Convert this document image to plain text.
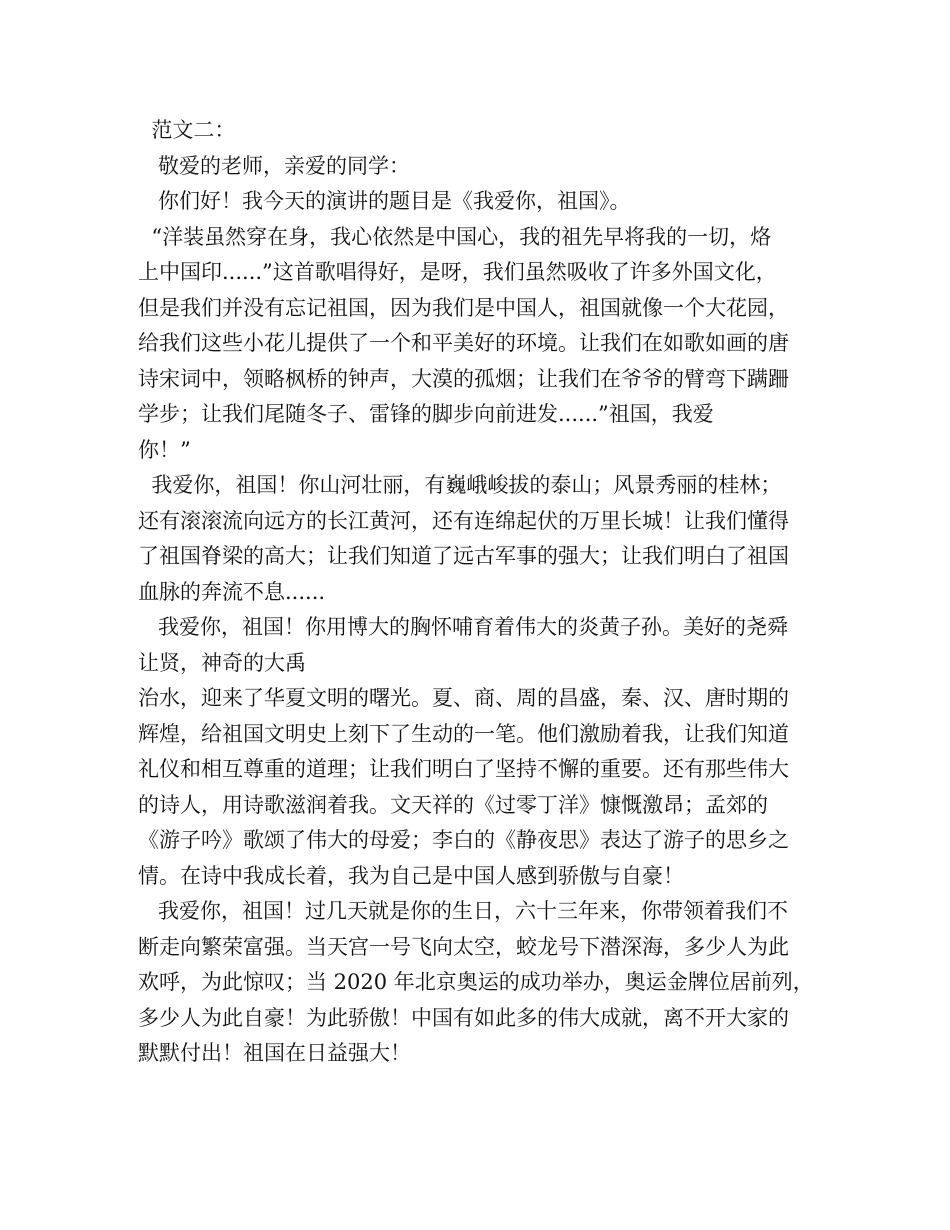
范文二：
敬爱的老师，亲爱的同学：
你们好！我今天的演讲的题目是《我爱你，祖国》。
“洋装虽然穿在身，我心依然是中国心，我的祖先早将我的一切，烙
上中国印......”这首歌唱得好，是呀，我们虽然吸收了许多外国文化，
但是我们并没有忘记祖国，因为我们是中国人，祖国就像一个大花园，
给我们这些小花儿提供了一个和平美好的环境。让我们在如歌如画的唐
诗宋词中，领略枫桥的钟声，大漠的孤烟；让我们在爷爷的臂弯下蹒跚
学步；让我们尾随冬子、雷锋的脚步向前进发......”祖国，我爱
你！”
我爱你，祖国！你山河壮丽，有巍峨峻拔的泰山；风景秀丽的桂林；
还有滚滚流向远方的长江黄河，还有连绵起伏的万里长城！让我们懂得
了祖国脊梁的高大；让我们知道了远古军事的强大；让我们明白了祖国
血脉的奔流不息......
我爱你，祖国！你用博大的胸怀哺育着伟大的炎黄子孙。美好的尧舜
让贤，神奇的大禹
治水，迎来了华夏文明的曙光。夏、商、周的昌盛，秦、汉、唐时期的
辉煌，给祖国文明史上刻下了生动的一笔。他们激励着我，让我们知道
礼仪和相互尊重的道理；让我们明白了坚持不懈的重要。还有那些伟大
的诗人，用诗歌滋润着我。文天祥的《过零丁洋》慷慨激昂；孟郊的
《游子吟》歌颂了伟大的母爱；李白的《静夜思》表达了游子的思乡之
情。在诗中我成长着，我为自己是中国人感到骄傲与自豪！
我爱你，祖国！过几天就是你的生日，六十三年来，你带领着我们不
断走向繁荣富强。当天宫一号飞向太空，蛟龙号下潜深海，多少人为此
欢呼，为此惊叹；当 2020 年北京奥运的成功举办，奥运金牌位居前列，
多少人为此自豪！为此骄傲！中国有如此多的伟大成就，离不开大家的
默默付出！祖国在日益强大！
